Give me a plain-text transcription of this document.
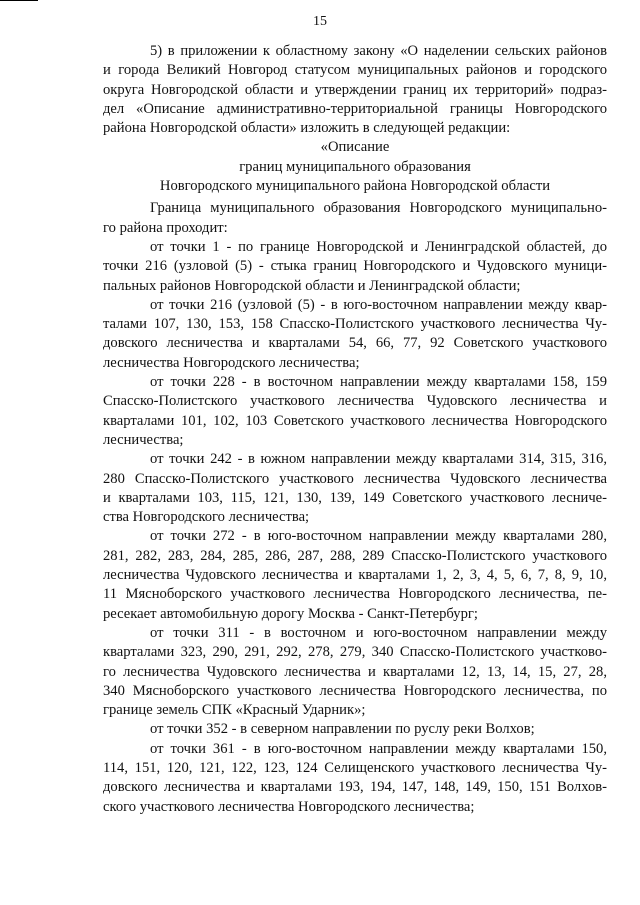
15
5) в приложении к областному закону «О наделении сельских районов
и города Великий Новгород статусом муниципальных районов и городского
округа Новгородской области и утверждении границ их территорий» подраз-
дел «Описание административно-территориальной границы Новгородского
района Новгородской области» изложить в следующей редакции:
«Описание
границ муниципального образования
Новгородского муниципального района Новгородской области
Граница муниципального образования Новгородского муниципально-
го района проходит:
от точки 1 - по границе Новгородской и Ленинградской областей, до
точки 216 (узловой (5) - стыка границ Новгородского и Чудовского муници-
пальных районов Новгородской области и Ленинградской области;
от точки 216 (узловой (5) - в юго-восточном направлении между квар-
талами 107, 130, 153, 158 Спасско-Полистского участкового лесничества Чу-
довского лесничества и кварталами 54, 66, 77, 92 Советского участкового
лесничества Новгородского лесничества;
от точки 228 - в восточном направлении между кварталами 158, 159
Спасско-Полистского участкового лесничества Чудовского лесничества и
кварталами 101, 102, 103 Советского участкового лесничества Новгородского
лесничества;
от точки 242 - в южном направлении между кварталами 314, 315, 316,
280 Спасско-Полистского участкового лесничества Чудовского лесничества
и кварталами 103, 115, 121, 130, 139, 149 Советского участкового лесниче-
ства Новгородского лесничества;
от точки 272 - в юго-восточном направлении между кварталами 280,
281, 282, 283, 284, 285, 286, 287, 288, 289 Спасско-Полистского участкового
лесничества Чудовского лесничества и кварталами 1, 2, 3, 4, 5, 6, 7, 8, 9, 10,
11 Мясноборского участкового лесничества Новгородского лесничества, пе-
ресекает автомобильную дорогу Москва - Санкт-Петербург;
от точки 311 - в восточном и юго-восточном направлении между
кварталами 323, 290, 291, 292, 278, 279, 340 Спасско-Полистского участково-
го лесничества Чудовского лесничества и кварталами 12, 13, 14, 15, 27, 28,
340 Мясноборского участкового лесничества Новгородского лесничества, по
границе земель СПК «Красный Ударник»;
от точки 352 - в северном направлении по руслу реки Волхов;
от точки 361 - в юго-восточном направлении между кварталами 150,
114, 151, 120, 121, 122, 123, 124 Селищенского участкового лесничества Чу-
довского лесничества и кварталами 193, 194, 147, 148, 149, 150, 151 Волхов-
ского участкового лесничества Новгородского лесничества;
